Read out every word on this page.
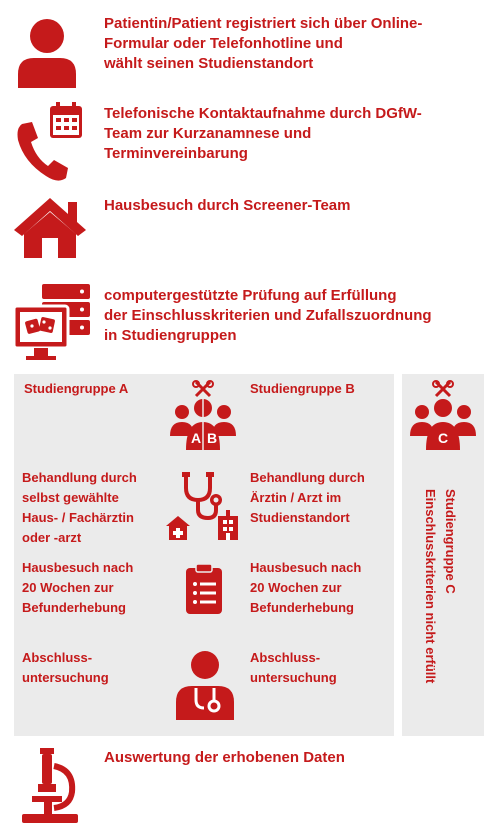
Patientin/Patient registriert sich über Online-
Formular oder Telefonhotline und
wählt seinen Studienstandort
Telefonische Kontaktaufnahme durch DGfW-
Team zur Kurzanamnese und
Terminvereinbarung
Hausbesuch durch Screener-Team
computergestützte Prüfung auf Erfüllung
der Einschlusskriterien und Zufallszuordnung
in Studiengruppen
Studiengruppe A	Studiengruppe B
A B	C
Studiengruppe C
Einschlusskriterien nicht erfüllt
Behandlung durch
selbst gewählte
Haus- / Fachärztin
oder -arzt
Behandlung durch
Ärztin / Arzt im
Studienstandort
Hausbesuch nach
20 Wochen zur
Befunderhebung
Hausbesuch nach
20 Wochen zur
Befunderhebung
Abschluss-
untersuchung
Abschluss-
untersuchung
Auswertung der erhobenen Daten
